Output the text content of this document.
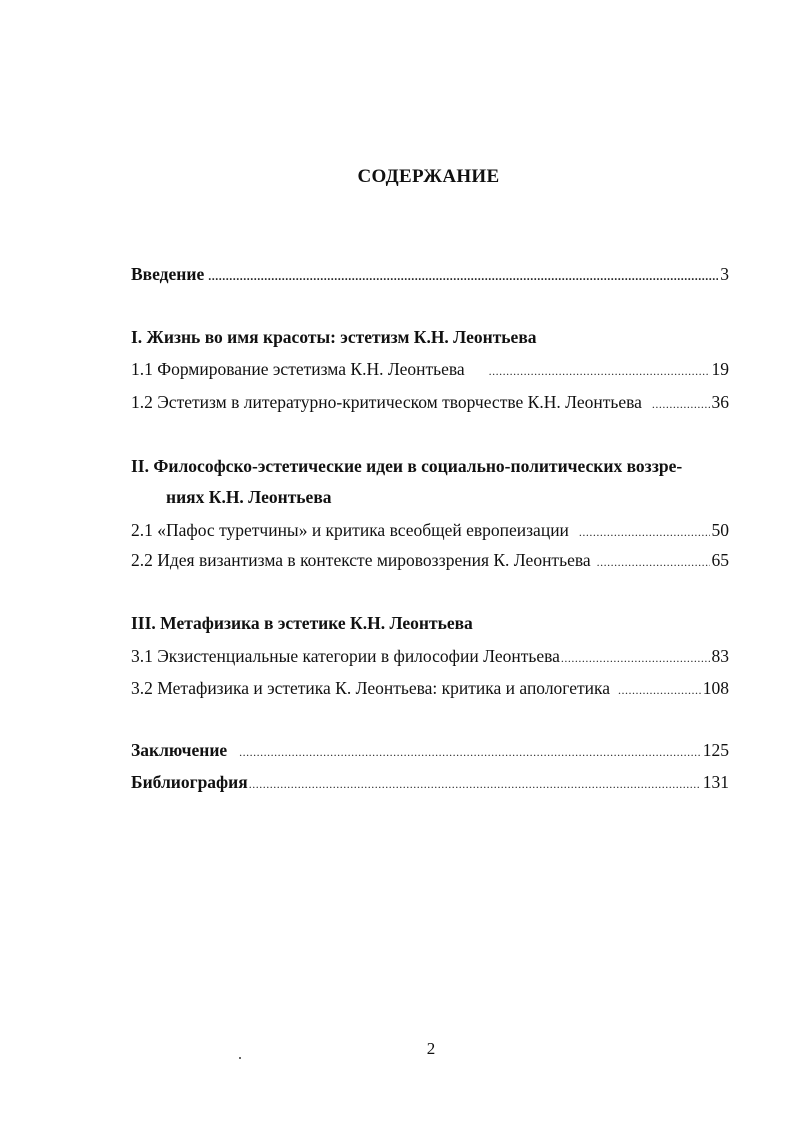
СОДЕРЖАНИЕ
Введение .....	3
I. Жизнь во имя красоты: эстетизм К.Н. Леонтьева
1.1 Формирование эстетизма К.Н. Леонтьева .....	19
1.2 Эстетизм в литературно-критическом творчестве К.Н. Леонтьева .....	36
II. Философско-эстетические идеи в социально-политических воззре-
ниях К.Н. Леонтьева
2.1 «Пафос туретчины» и критика всеобщей европеизации .....	50
2.2 Идея византизма в контексте мировоззрения К. Леонтьева .....	65
III. Метафизика в эстетике К.Н. Леонтьева
3.1 Экзистенциальные категории в философии Леонтьева .....	83
3.2 Метафизика и эстетика К. Леонтьева: критика и апологетика .....	108
Заключение .....	125
Библиография .....	131
2
